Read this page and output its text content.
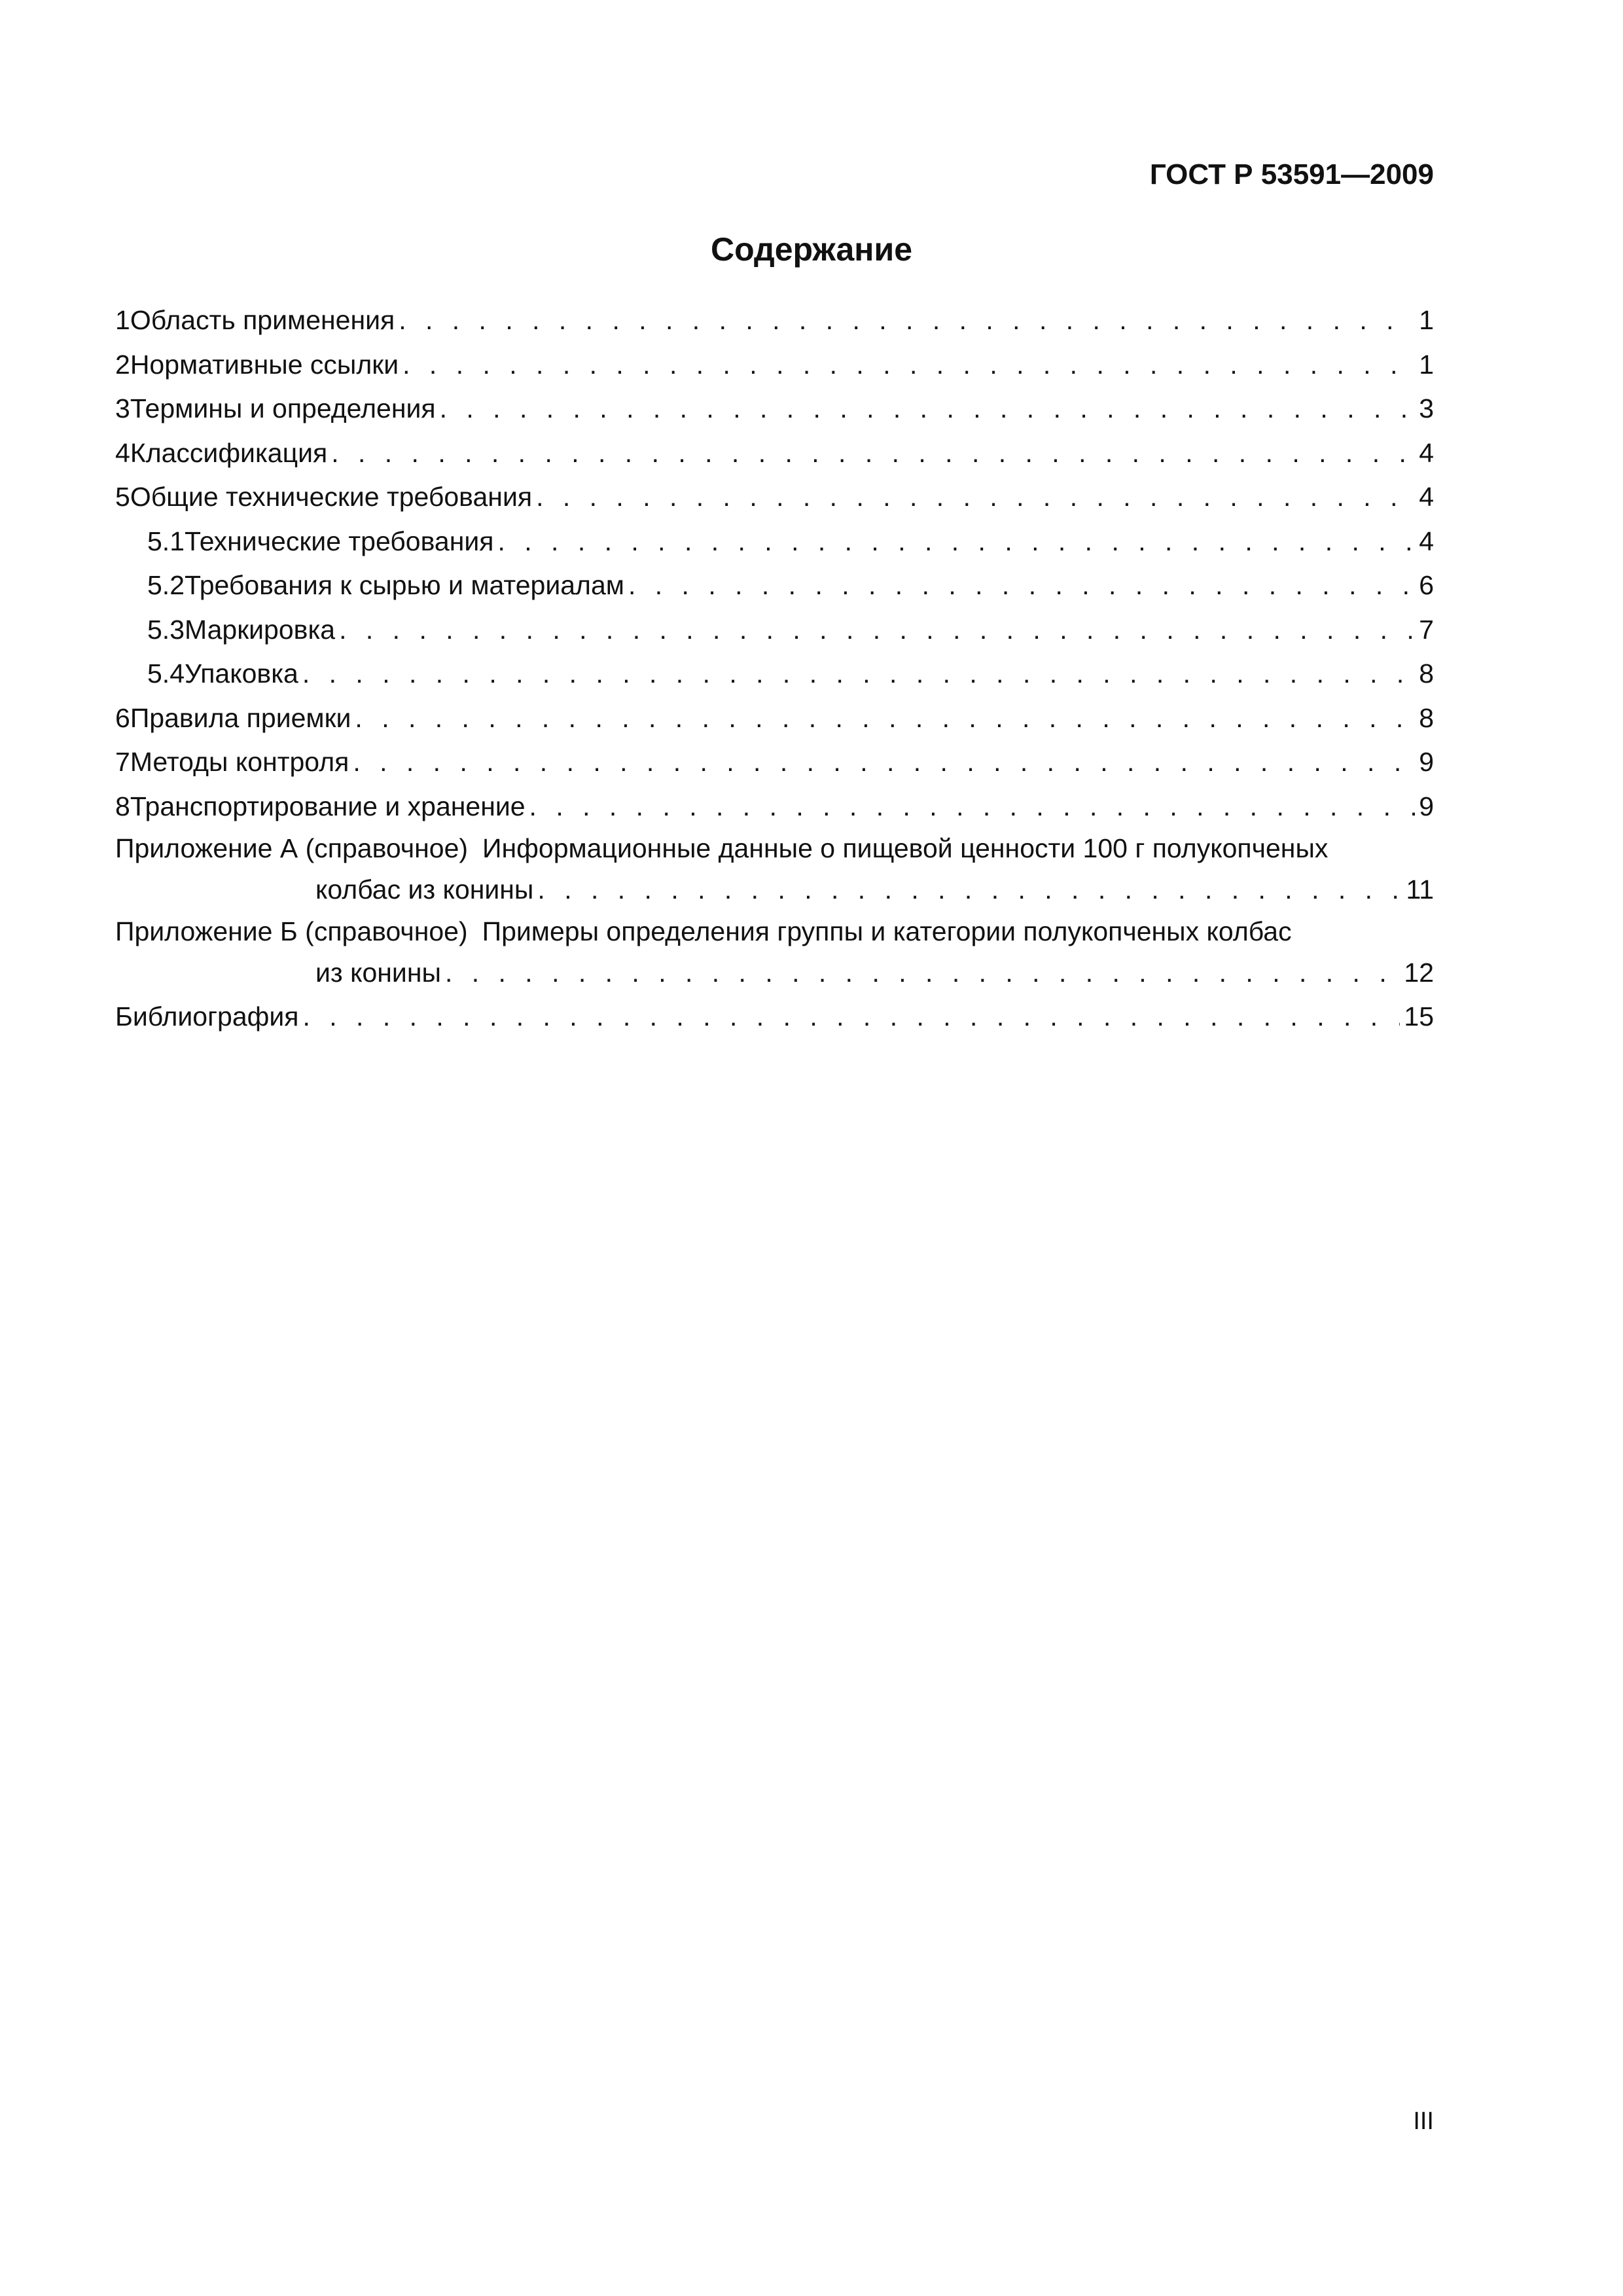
ГОСТ Р 53591—2009
Содержание
1 Область применения . . .	1
2 Нормативные ссылки . . .	1
3 Термины и определения . . .	3
4 Классификация . . .	4
5 Общие технические требования . . .	4
5.1 Технические требования . . .	4
5.2 Требования к сырью и материалам . . .	6
5.3 Маркировка . . .	7
5.4 Упаковка . . .	8
6 Правила приемки . . .	8
7 Методы контроля . . .	9
8 Транспортирование и хранение . . .	9
Приложение А (справочное) Информационные данные о пищевой ценности 100 г полукопченых
колбас из конины . . .	11
Приложение Б (справочное) Примеры определения группы и категории полукопченых колбас
из конины . . .	12
Библиография . . .	15
III
